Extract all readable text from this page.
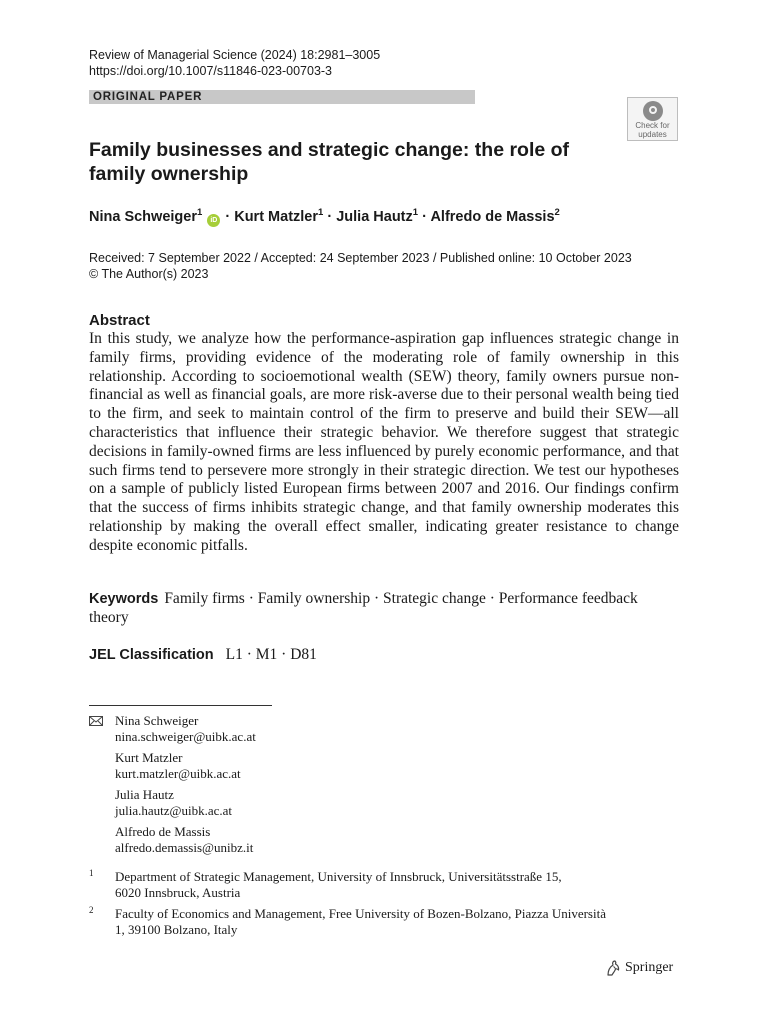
Review of Managerial Science (2024) 18:2981–3005
https://doi.org/10.1007/s11846-023-00703-3
ORIGINAL PAPER
Check for
updates
Family businesses and strategic change: the role of family ownership
Nina Schweiger$^1$ iD · Kurt Matzler$^1$ · Julia Hautz$^1$ · Alfredo de Massis$^2$
Received: 7 September 2022 / Accepted: 24 September 2023 / Published online: 10 October 2023
© The Author(s) 2023
Abstract
In this study, we analyze how the performance-aspiration gap influences strategic change in family firms, providing evidence of the moderating role of family ownership in this relationship. According to socioemotional wealth (SEW) theory, family owners pursue non-financial as well as financial goals, are more risk-averse due to their personal wealth being tied to the firm, and seek to maintain control of the firm to preserve and build their SEW—all characteristics that influence their strategic behavior. We therefore suggest that strategic decisions in family-owned firms are less influenced by purely economic performance, and that such firms tend to persevere more strongly in their strategic direction. We test our hypotheses on a sample of publicly listed European firms between 2007 and 2016. Our findings confirm that the success of firms inhibits strategic change, and that family ownership moderates this relationship by making the overall effect smaller, indicating greater resistance to change despite economic pitfalls.
Keywords Family firms · Family ownership · Strategic change · Performance feedback theory
JEL Classification L1 · M1 · D81
Nina Schweiger
nina.schweiger@uibk.ac.at
Kurt Matzler
kurt.matzler@uibk.ac.at
Julia Hautz
julia.hautz@uibk.ac.at
Alfredo de Massis
alfredo.demassis@unibz.it
1 Department of Strategic Management, University of Innsbruck, Universitätsstraße 15,
6020 Innsbruck, Austria
2 Faculty of Economics and Management, Free University of Bozen-Bolzano, Piazza Università
1, 39100 Bolzano, Italy
Springer
